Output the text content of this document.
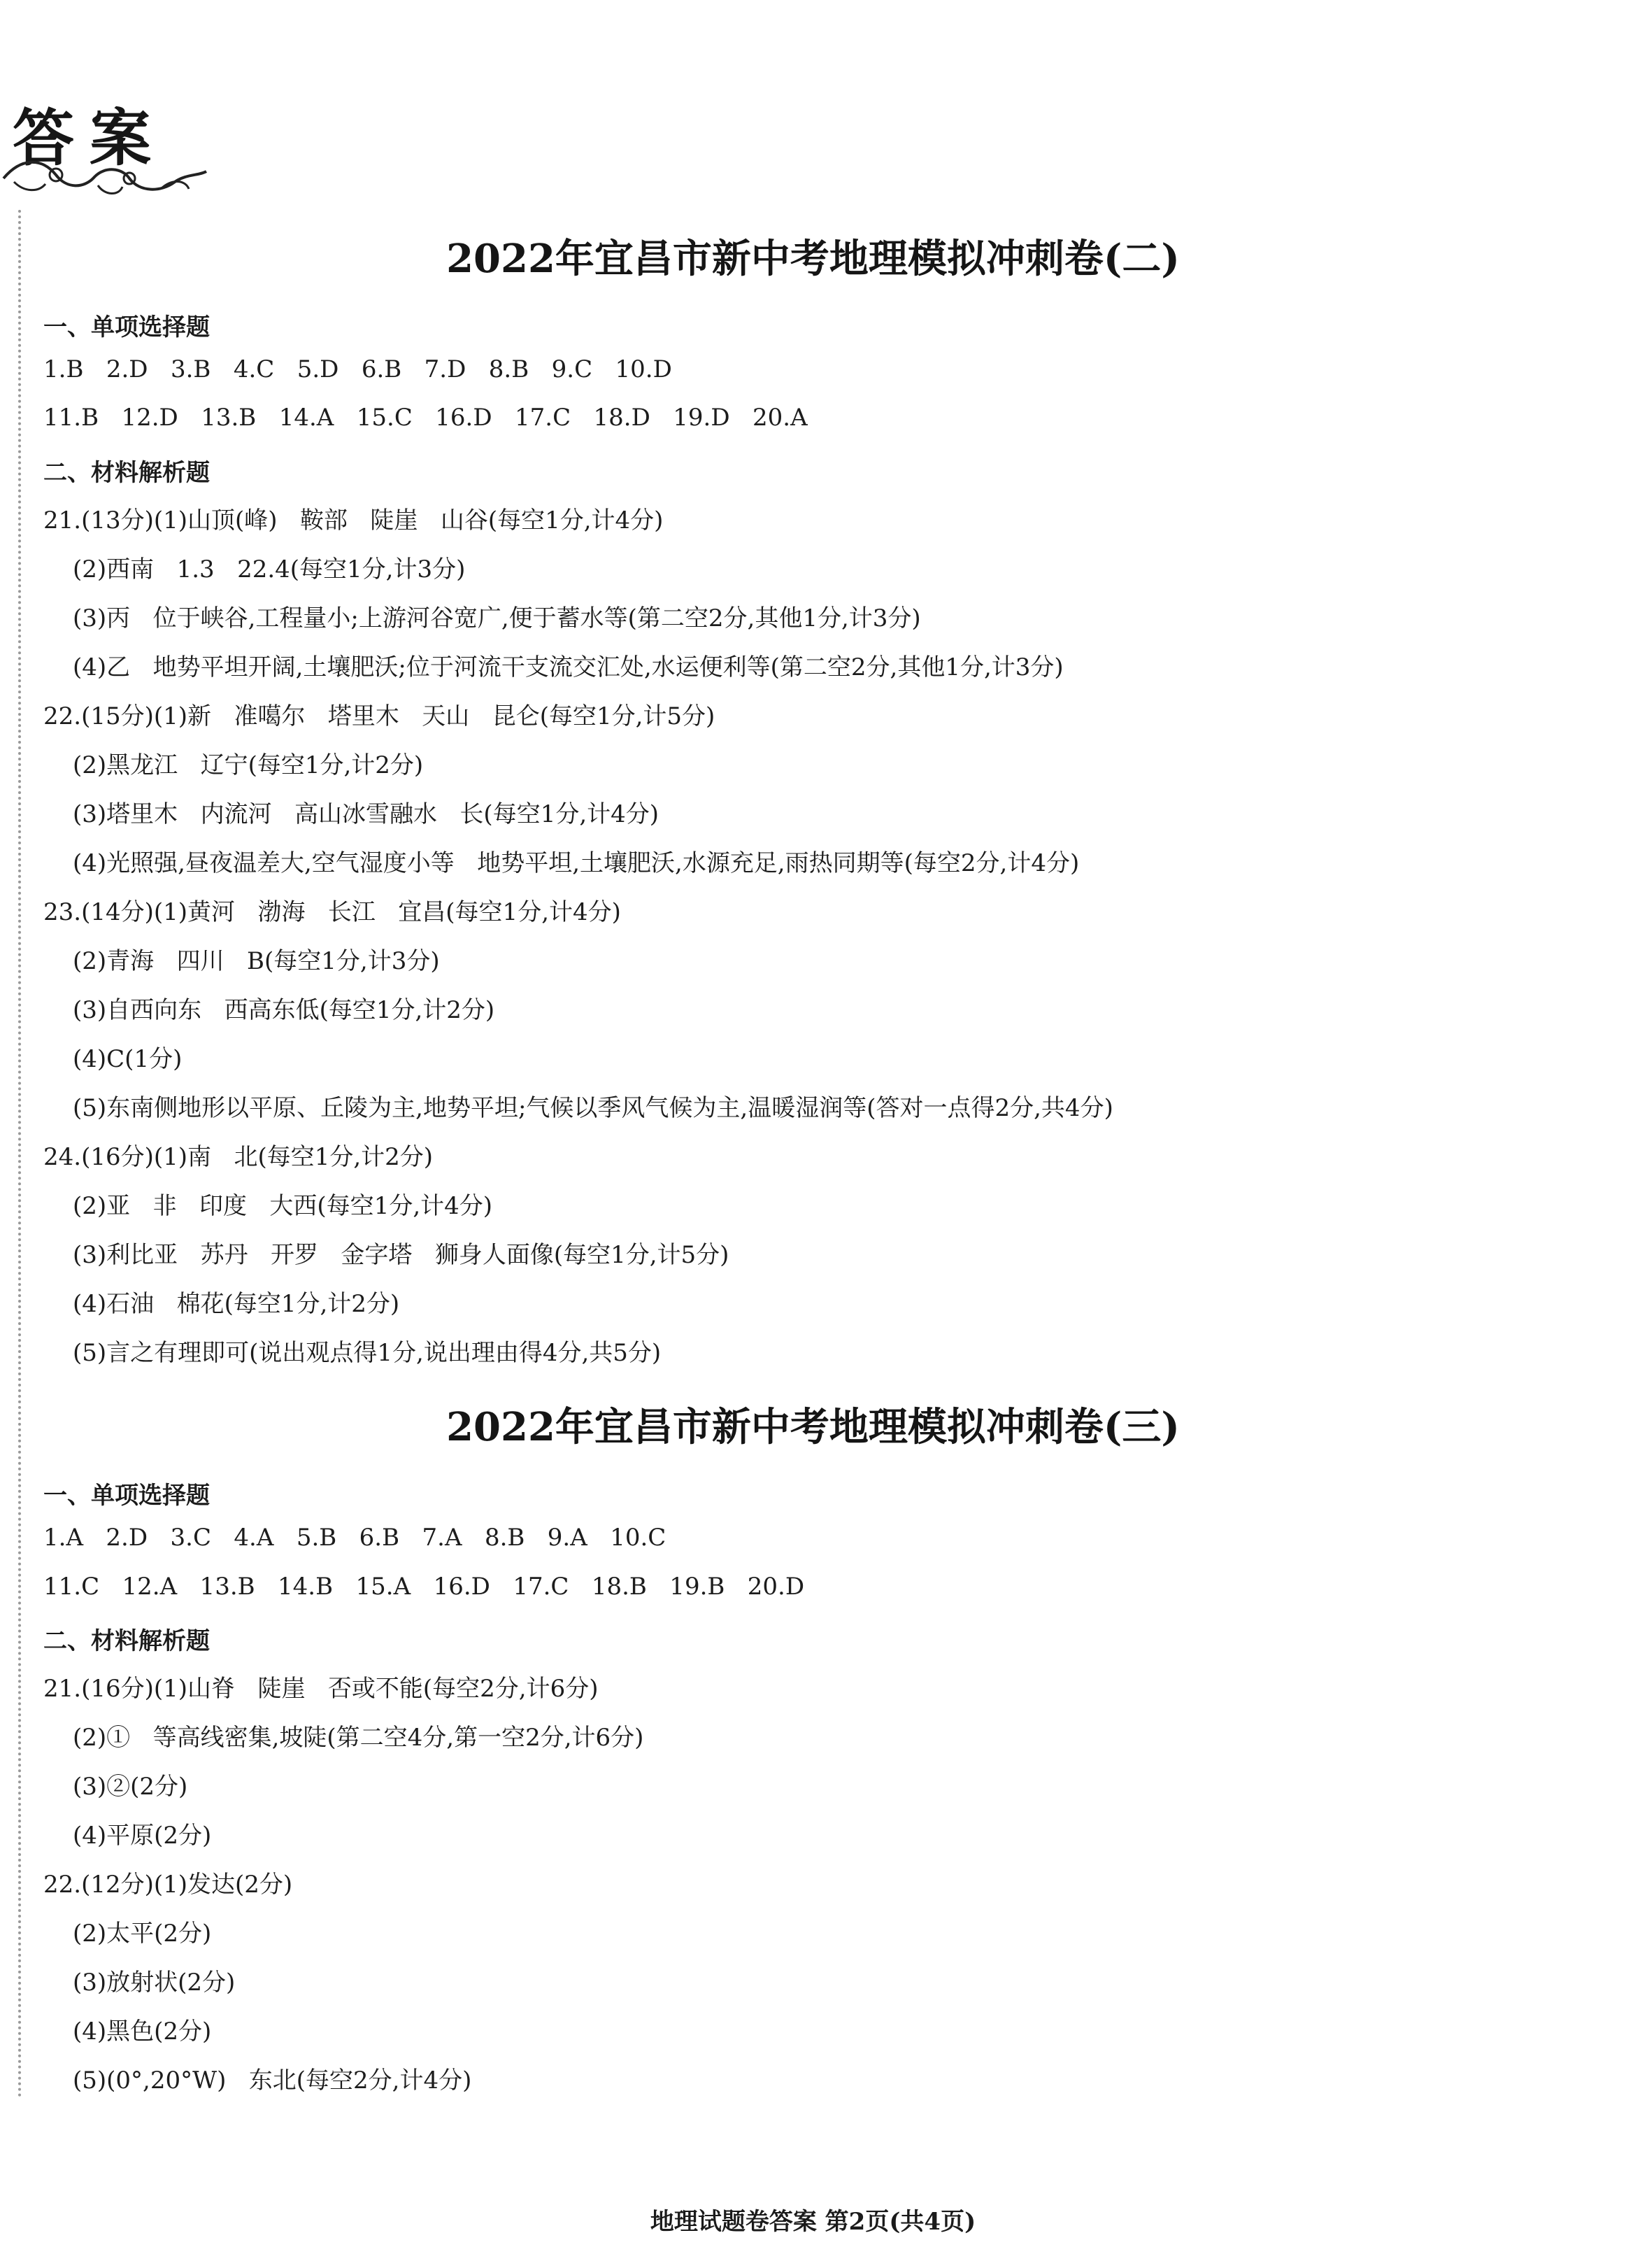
答案
2022年宜昌市新中考地理模拟冲刺卷(二)
一、单项选择题
1.B   2.D   3.B   4.C   5.D   6.B   7.D   8.B   9.C   10.D
11.B   12.D   13.B   14.A   15.C   16.D   17.C   18.D   19.D   20.A
二、材料解析题
21.(13分)(1)山顶(峰)   鞍部   陡崖   山谷(每空1分,计4分)
(2)西南   1.3   22.4(每空1分,计3分)
(3)丙   位于峡谷,工程量小;上游河谷宽广,便于蓄水等(第二空2分,其他1分,计3分)
(4)乙   地势平坦开阔,土壤肥沃;位于河流干支流交汇处,水运便利等(第二空2分,其他1分,计3分)
22.(15分)(1)新   准噶尔   塔里木   天山   昆仑(每空1分,计5分)
(2)黑龙江   辽宁(每空1分,计2分)
(3)塔里木   内流河   高山冰雪融水   长(每空1分,计4分)
(4)光照强,昼夜温差大,空气湿度小等   地势平坦,土壤肥沃,水源充足,雨热同期等(每空2分,计4分)
23.(14分)(1)黄河   渤海   长江   宜昌(每空1分,计4分)
(2)青海   四川   B(每空1分,计3分)
(3)自西向东   西高东低(每空1分,计2分)
(4)C(1分)
(5)东南侧地形以平原、丘陵为主,地势平坦;气候以季风气候为主,温暖湿润等(答对一点得2分,共4分)
24.(16分)(1)南   北(每空1分,计2分)
(2)亚   非   印度   大西(每空1分,计4分)
(3)利比亚   苏丹   开罗   金字塔   狮身人面像(每空1分,计5分)
(4)石油   棉花(每空1分,计2分)
(5)言之有理即可(说出观点得1分,说出理由得4分,共5分)
2022年宜昌市新中考地理模拟冲刺卷(三)
一、单项选择题
1.A   2.D   3.C   4.A   5.B   6.B   7.A   8.B   9.A   10.C
11.C   12.A   13.B   14.B   15.A   16.D   17.C   18.B   19.B   20.D
二、材料解析题
21.(16分)(1)山脊   陡崖   否或不能(每空2分,计6分)
(2)①   等高线密集,坡陡(第二空4分,第一空2分,计6分)
(3)②(2分)
(4)平原(2分)
22.(12分)(1)发达(2分)
(2)太平(2分)
(3)放射状(2分)
(4)黑色(2分)
(5)(0°,20°W)   东北(每空2分,计4分)
地理试题卷答案 第2页(共4页)
